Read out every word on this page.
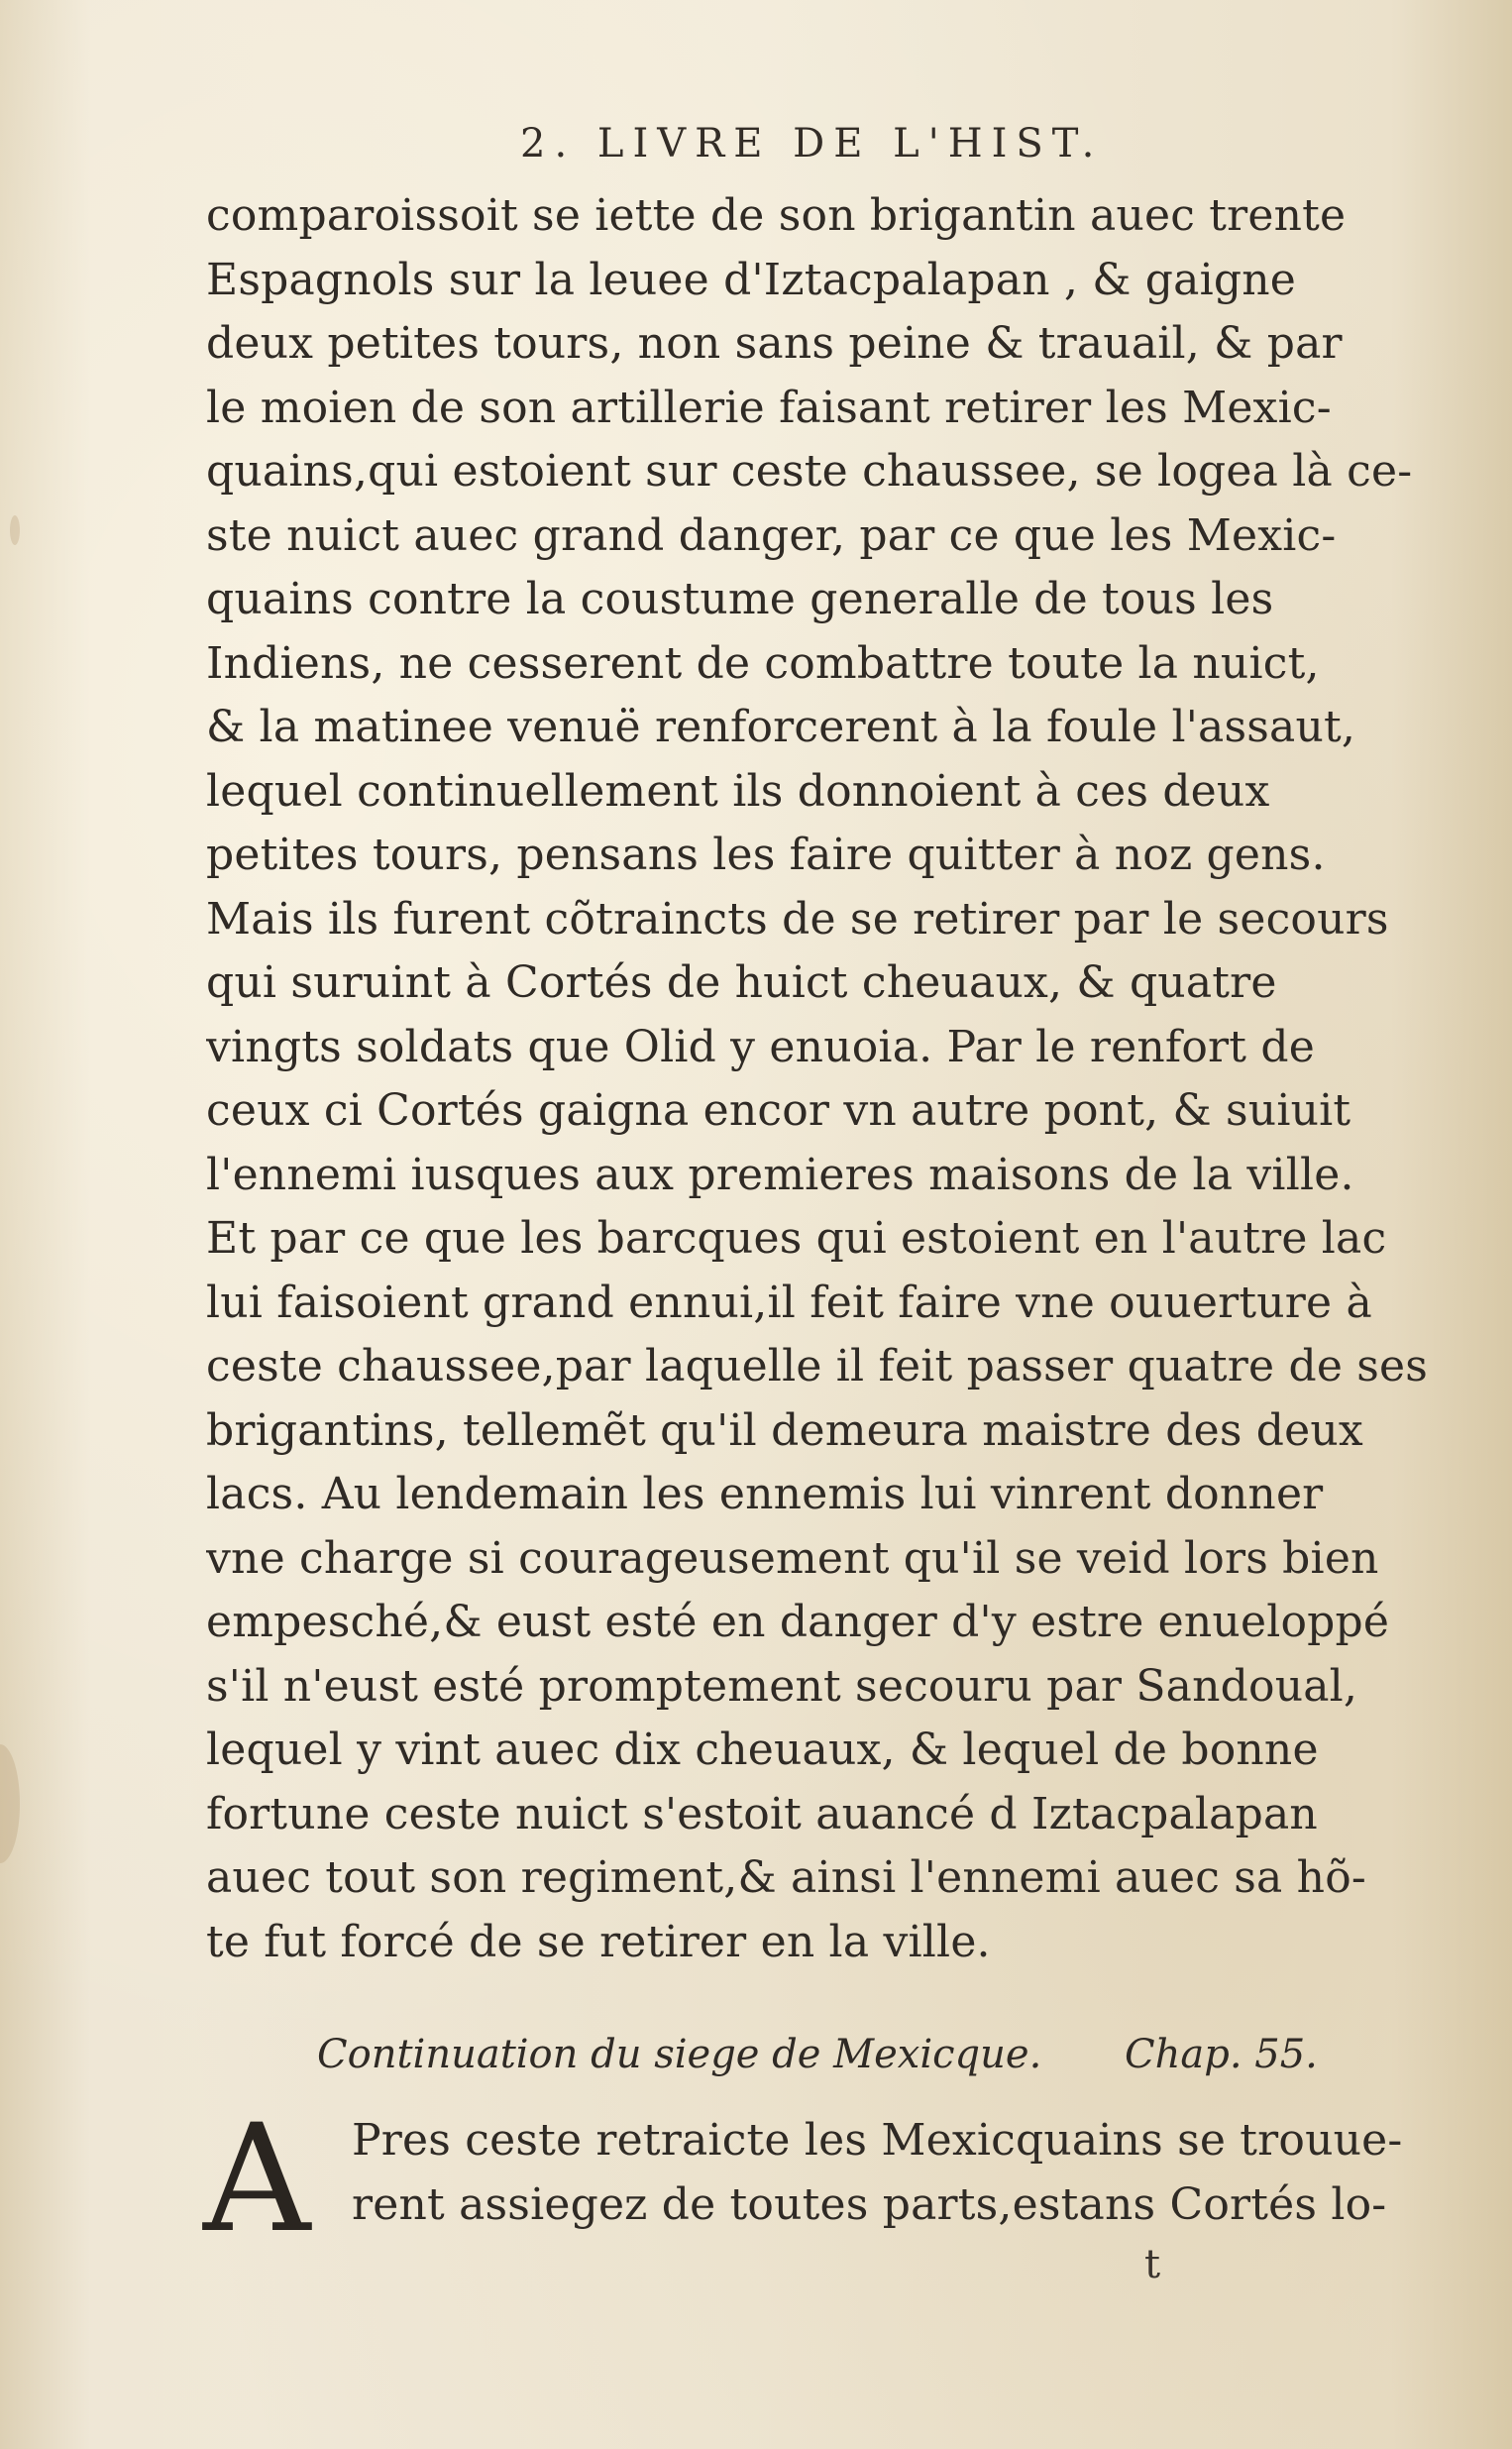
2. LIVRE DE L'HIST.
comparoissoit se iette de son brigantin auec trente
Espagnols sur la leuee d'Iztacpalapan , & gaigne
deux petites tours, non sans peine & trauail, & par
le moien de son artillerie faisant retirer les Mexic-
quains,qui estoient sur ceste chaussee, se logea là ce-
ste nuict auec grand danger, par ce que les Mexic-
quains contre la coustume generalle de tous les
Indiens, ne cesserent de combattre toute la nuict,
& la matinee venuë renforcerent à la foule l'assaut,
lequel continuellement ils donnoient à ces deux
petites tours, pensans les faire quitter à noz gens.
Mais ils furent cõtraincts de se retirer par le secours
qui suruint à Cortés de huict cheuaux, & quatre
vingts soldats que Olid y enuoia. Par le renfort de
ceux ci Cortés gaigna encor vn autre pont, & suiuit
l'ennemi iusques aux premieres maisons de la ville.
Et par ce que les barcques qui estoient en l'autre lac
lui faisoient grand ennui,il feit faire vne ouuerture à
ceste chaussee,par laquelle il feit passer quatre de ses
brigantins, tellemẽt qu'il demeura maistre des deux
lacs. Au lendemain les ennemis lui vinrent donner
vne charge si courageusement qu'il se veid lors bien
empesché,& eust esté en danger d'y estre enueloppé
s'il n'eust esté promptement secouru par Sandoual,
lequel y vint auec dix cheuaux, & lequel de bonne
fortune ceste nuict s'estoit auancé d Iztacpalapan
auec tout son regiment,& ainsi l'ennemi auec sa hõ-
te fut forcé de se retirer en la ville.
Continuation du siege de Mexicque. Chap. 55.
A Pres ceste retraicte les Mexicquains se trouue-
rent assiegez de toutes parts,estans Cortés lo-
t
